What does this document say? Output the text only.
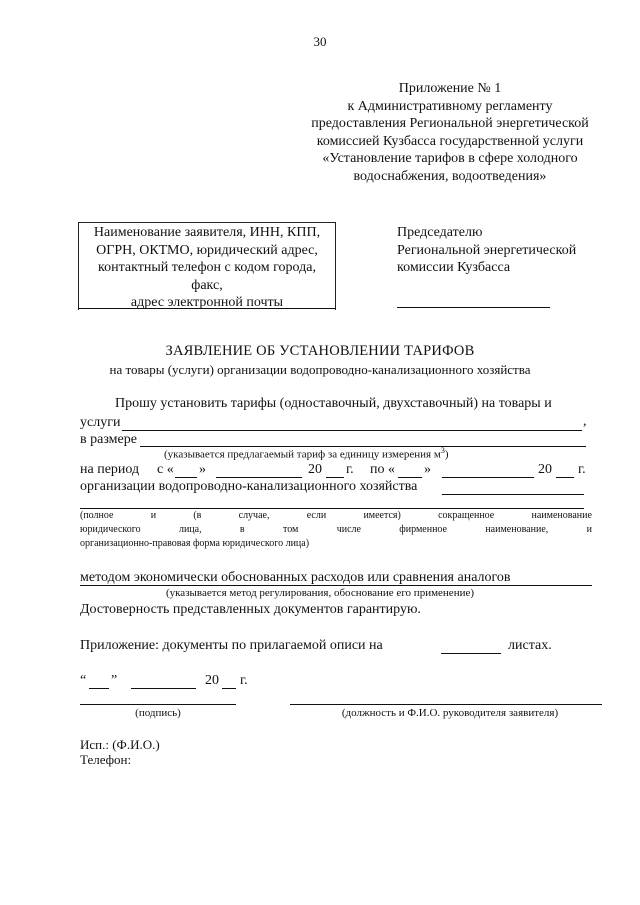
30
Приложение № 1
к Административному регламенту
предоставления Региональной энергетической
комиссией Кузбасса государственной услуги
«Установление тарифов в сфере холодного
водоснабжения, водоотведения»
Наименование заявителя, ИНН, КПП,
ОГРН, ОКТМО, юридический адрес,
контактный телефон с кодом города,
факс,
адрес электронной почты
Председателю
Региональной энергетической
комиссии Кузбасса
ЗАЯВЛЕНИЕ ОБ УСТАНОВЛЕНИИ ТАРИФОВ
на товары (услуги) организации водопроводно-канализационного хозяйства
Прошу установить тарифы (одноставочный, двухставочный) на товары и
услуги	,
в размере
(указывается предлагаемый тариф за единицу измерения $м^3$)
на период с « »	20 г. по « »	20 г.
организации водопроводно-канализационного хозяйства
(полное	и	(в	случае,	если	имеется)	сокращенное	наименование
юридического	лица,	в	том	числе	фирменное	наименование,	и
организационно-правовая форма юридического лица)
методом экономически обоснованных расходов или сравнения аналогов
(указывается метод регулирования, обоснование его применение)
Достоверность представленных документов гарантирую.
Приложение: документы по прилагаемой описи на	листах.
“ ”	20 г.
(подпись)	(должность и Ф.И.О. руководителя заявителя)
Исп.: (Ф.И.О.)
Телефон:
